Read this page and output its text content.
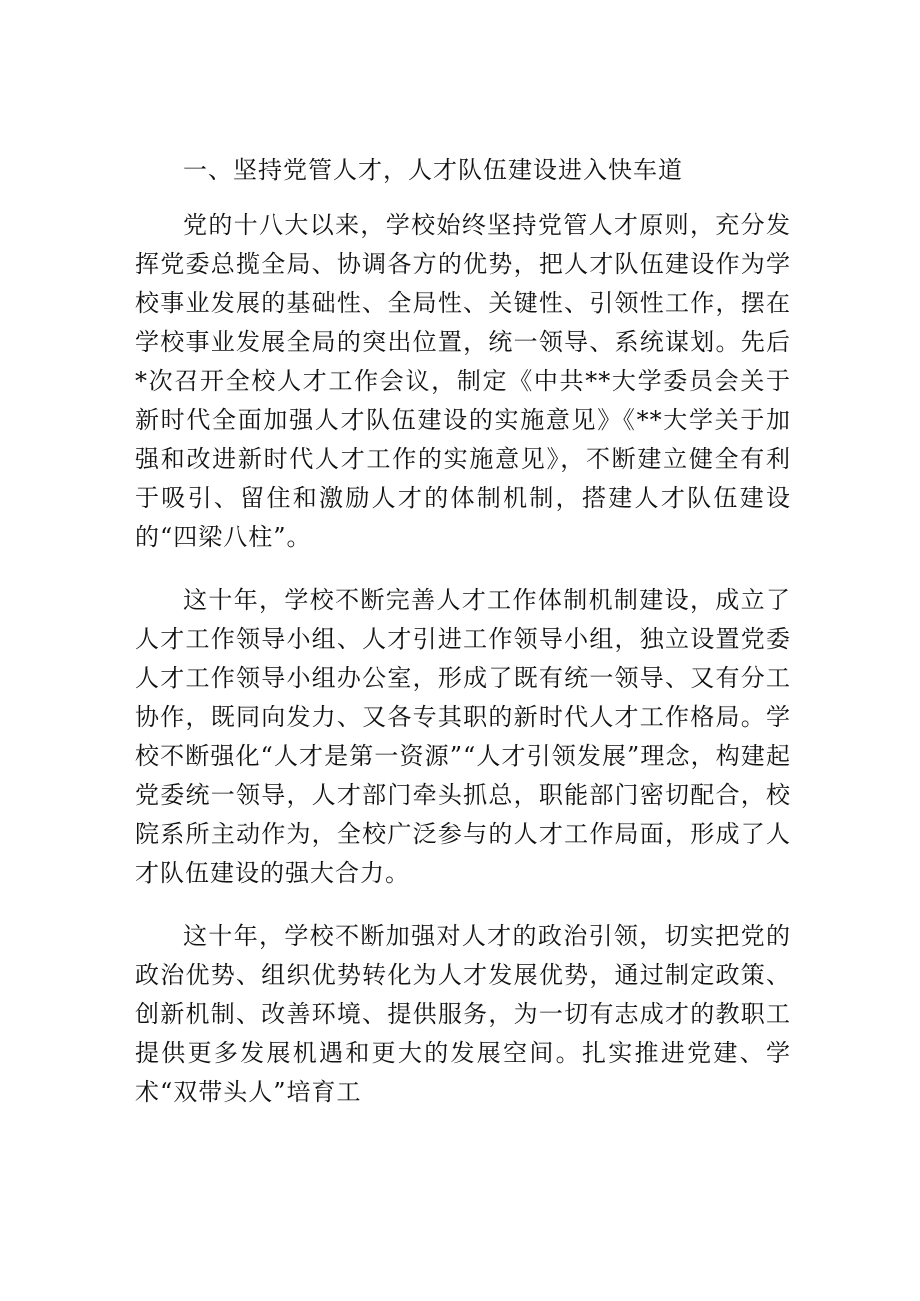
一、坚持党管人才，人才队伍建设进入快车道

党的十八大以来，学校始终坚持党管人才原则，充分发挥党委总揽全局、协调各方的优势，把人才队伍建设作为学校事业发展的基础性、全局性、关键性、引领性工作，摆在学校事业发展全局的突出位置，统一领导、系统谋划。先后*次召开全校人才工作会议，制定《中共**大学委员会关于新时代全面加强人才队伍建设的实施意见》《**大学关于加强和改进新时代人才工作的实施意见》，不断建立健全有利于吸引、留住和激励人才的体制机制，搭建人才队伍建设的“四梁八柱”。

这十年，学校不断完善人才工作体制机制建设，成立了人才工作领导小组、人才引进工作领导小组，独立设置党委人才工作领导小组办公室，形成了既有统一领导、又有分工协作，既同向发力、又各专其职的新时代人才工作格局。学校不断强化“人才是第一资源”“人才引领发展”理念，构建起党委统一领导，人才部门牵头抓总，职能部门密切配合，校院系所主动作为，全校广泛参与的人才工作局面，形成了人才队伍建设的强大合力。

这十年，学校不断加强对人才的政治引领，切实把党的政治优势、组织优势转化为人才发展优势，通过制定政策、创新机制、改善环境、提供服务，为一切有志成才的教职工提供更多发展机遇和更大的发展空间。扎实推进党建、学术“双带头人”培育工
